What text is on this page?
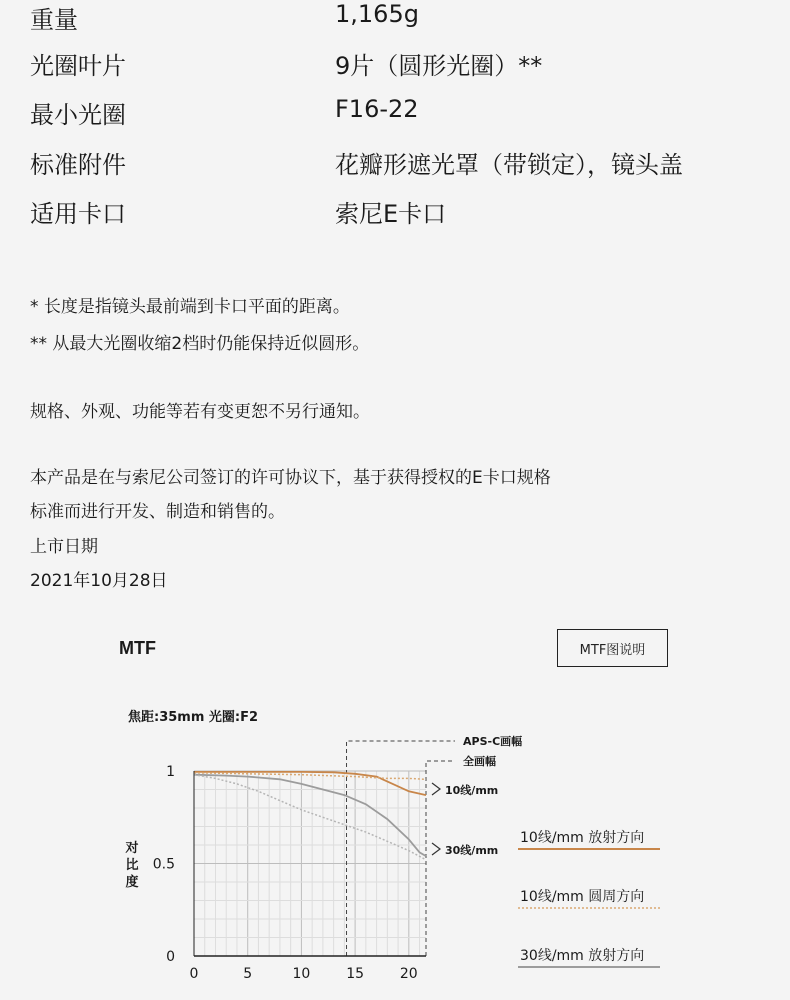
重量	1,165g
光圈叶片	9片（圆形光圈）**
最小光圈	F16-22
标准附件	花瓣形遮光罩（带锁定），镜头盖
适用卡口	索尼E卡口
* 长度是指镜头最前端到卡口平面的距离。
** 从最大光圈收缩2档时仍能保持近似圆形。
规格、外观、功能等若有变更恕不另行通知。
本产品是在与索尼公司签订的许可协议下，基于获得授权的E卡口规格
标准而进行开发、制造和销售的。
上市日期
2021年10月28日
MTF	MTF图说明
焦距:35mm 光圈:F2
0	5	10	15	20
1
0.5
0
对
比
度
APS-C画幅
全画幅
10线/mm
30线/mm
10线/mm 放射方向
10线/mm 圆周方向
30线/mm 放射方向
